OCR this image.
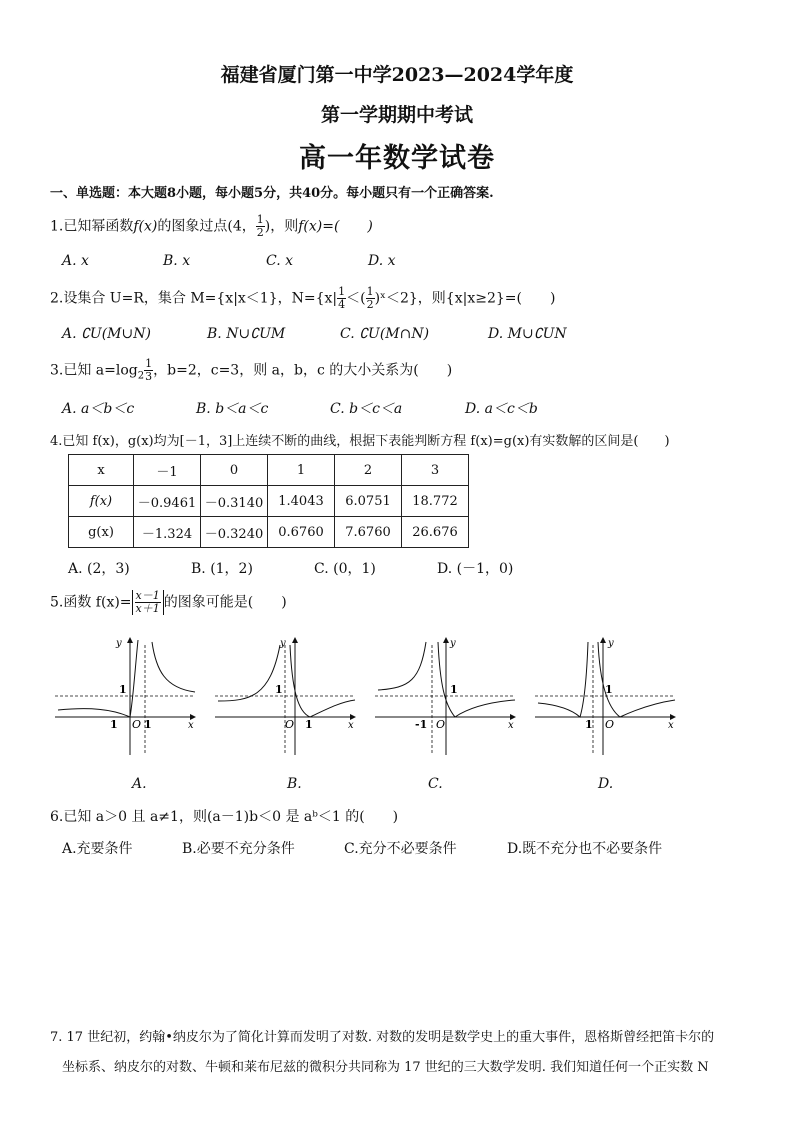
福建省厦门第一中学2023—2024学年度
第一学期期中考试
高一年数学试卷
一、单选题：本大题8小题，每小题5分，共40分。每小题只有一个正确答案.
1.已知幂函数f(x)的图象过点(4， $\frac{1}{2}$ )，则f(x)=(　　)
A. x	B. x	C. x	D. x
2.设集合 U=R，集合 M={x|x＜1}，$N=\{x| \frac{1}{4}$ ＜( $\frac{1}{2}$ )ˣ＜2}，则{x|x≥2}=(　　)
A. ∁U(M∪N)	B. N∪∁UM	C. ∁U(M∩N)	D. M∪∁UN
3.已知 $a=\log_2 \frac{1}{3}$ ，b=2，c=3，则 a，b，c 的大小关系为(　　)
A. a＜b＜c	B. b＜a＜c	C. b＜c＜a	D. a＜c＜b
4.已知 f(x)，g(x)均为[－1，3]上连续不断的曲线，根据下表能判断方程 f(x)=g(x)有实数解的区间是(　　)
x	－1	0	1	2	3
f(x)	－0.9461	－0.3140	1.4043	6.0751	18.772
g(x)	－1.324	－0.3240	0.6760	7.6760	26.676
A. (2，3)	B. (1，2)	C. (0，1)	D. (－1，0)
5.函数 $f(x)= \frac{x-1}{x+1}$ 的图象可能是(　　)
y
x
1
1 O 1
y
x
1
O 1
y
x
1
-1 O
y
x
1
1 O
A.	B.	C.	D.
6.已知 a＞0 且 a≠1，则(a－1)b＜0 是 aᵇ＜1 的(　　)
A.充要条件	B.必要不充分条件	C.充分不必要条件	D.既不充分也不必要条件
7. 17 世纪初，约翰•纳皮尔为了简化计算而发明了对数. 对数的发明是数学史上的重大事件，恩格斯曾经把笛卡尔的
坐标系、纳皮尔的对数、牛顿和莱布尼兹的微积分共同称为 17 世纪的三大数学发明. 我们知道任何一个正实数 N
